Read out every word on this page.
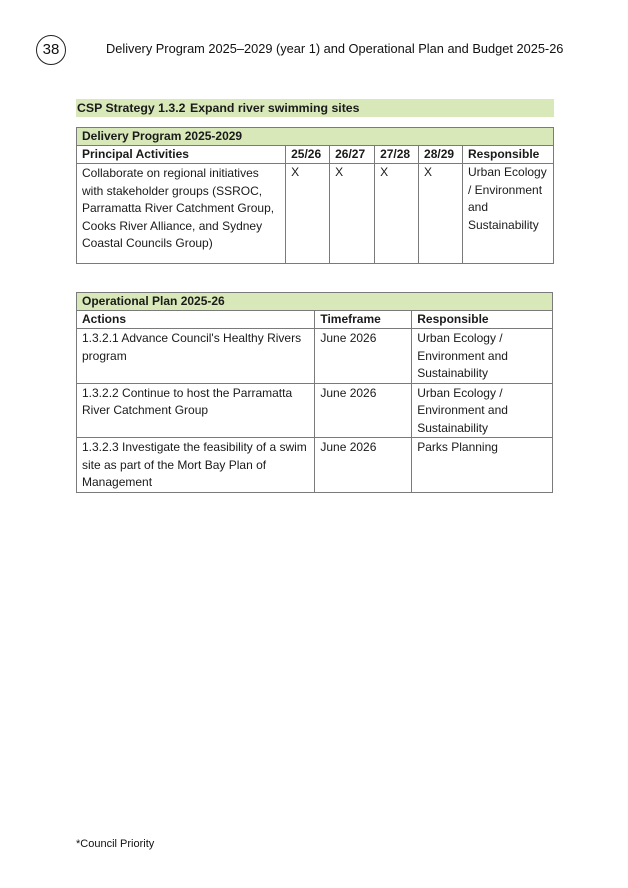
38	Delivery Program 2025–2029 (year 1) and Operational Plan and Budget 2025-26
CSP Strategy 1.3.2 Expand river swimming sites
Delivery Program 2025-2029					
Principal Activities	25/26	26/27	27/28	28/29	Responsible
Collaborate on regional initiatives with stakeholder groups (SSROC, Parramatta River Catchment Group, Cooks River Alliance, and Sydney Coastal Councils Group)	X	X	X	X	Urban Ecology / Environment and Sustainability
Operational Plan 2025-26		
Actions	Timeframe	Responsible
1.3.2.1 Advance Council's Healthy Rivers program	June 2026	Urban Ecology / Environment and Sustainability
1.3.2.2 Continue to host the Parramatta River Catchment Group	June 2026	Urban Ecology / Environment and Sustainability
1.3.2.3 Investigate the feasibility of a swim site as part of the Mort Bay Plan of Management	June 2026	Parks Planning
*Council Priority
